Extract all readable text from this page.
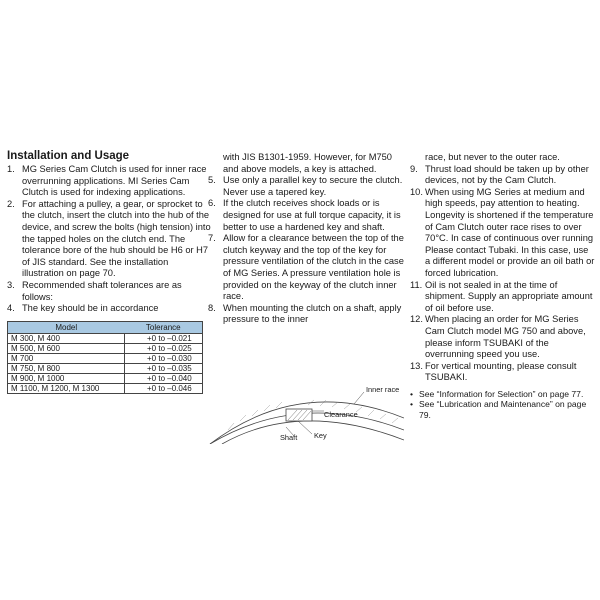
Installation and Usage
1. MG Series Cam Clutch is used for inner race overrunning applications. MI Series Cam Clutch is used for indexing applications.
2. For attaching a pulley, a gear, or sprocket to the clutch, insert the clutch into the hub of the device, and screw the bolts (high tension) into the tapped holes on the clutch end. The tolerance bore of the hub should be H6 or H7 of JIS standard. See the installation illustration on page 70.
3. Recommended shaft tolerances are as follows:
4. The key should be in accordance
Model	Tolerance
M 300, M 400	+0 to –0.021
M 500, M 600	+0 to –0.025
M 700	+0 to –0.030
M 750, M 800	+0 to –0.035
M 900, M 1000	+0 to –0.040
M 1100, M 1200, M 1300	+0 to –0.046
with JIS B1301-1959. However, for M750 and above models, a key is attached.
5. Use only a parallel key to secure the clutch. Never use a tapered key.
6. If the clutch receives shock loads or is designed for use at full torque capacity, it is better to use a hardened key and shaft.
7. Allow for a clearance between the top of the clutch keyway and the top of the key for pressure ventilation of the clutch in the case of MG Series. A pressure ventilation hole is provided on the keyway of the clutch inner race.
8. When mounting the clutch on a shaft, apply pressure to the inner
Inner race
Clearance
Shaft Key
race, but never to the outer race.
9. Thrust load should be taken up by other devices, not by the Cam Clutch.
10. When using MG Series at medium and high speeds, pay attention to heating. Longevity is shortened if the temperature of Cam Clutch outer race rises to over 70°C. In case of continuous over running Please contact Tubaki. In this case, use a different model or provide an oil bath or forced lubrication.
11. Oil is not sealed in at the time of shipment. Supply an appropriate amount of oil before use.
12. When placing an order for MG Series Cam Clutch model MG 750 and above, please inform TSUBAKI of the overrunning speed you use.
13. For vertical mounting, please consult TSUBAKI.
• See “Information for Selection” on page 77.
• See “Lubrication and Maintenance” on page 79.
